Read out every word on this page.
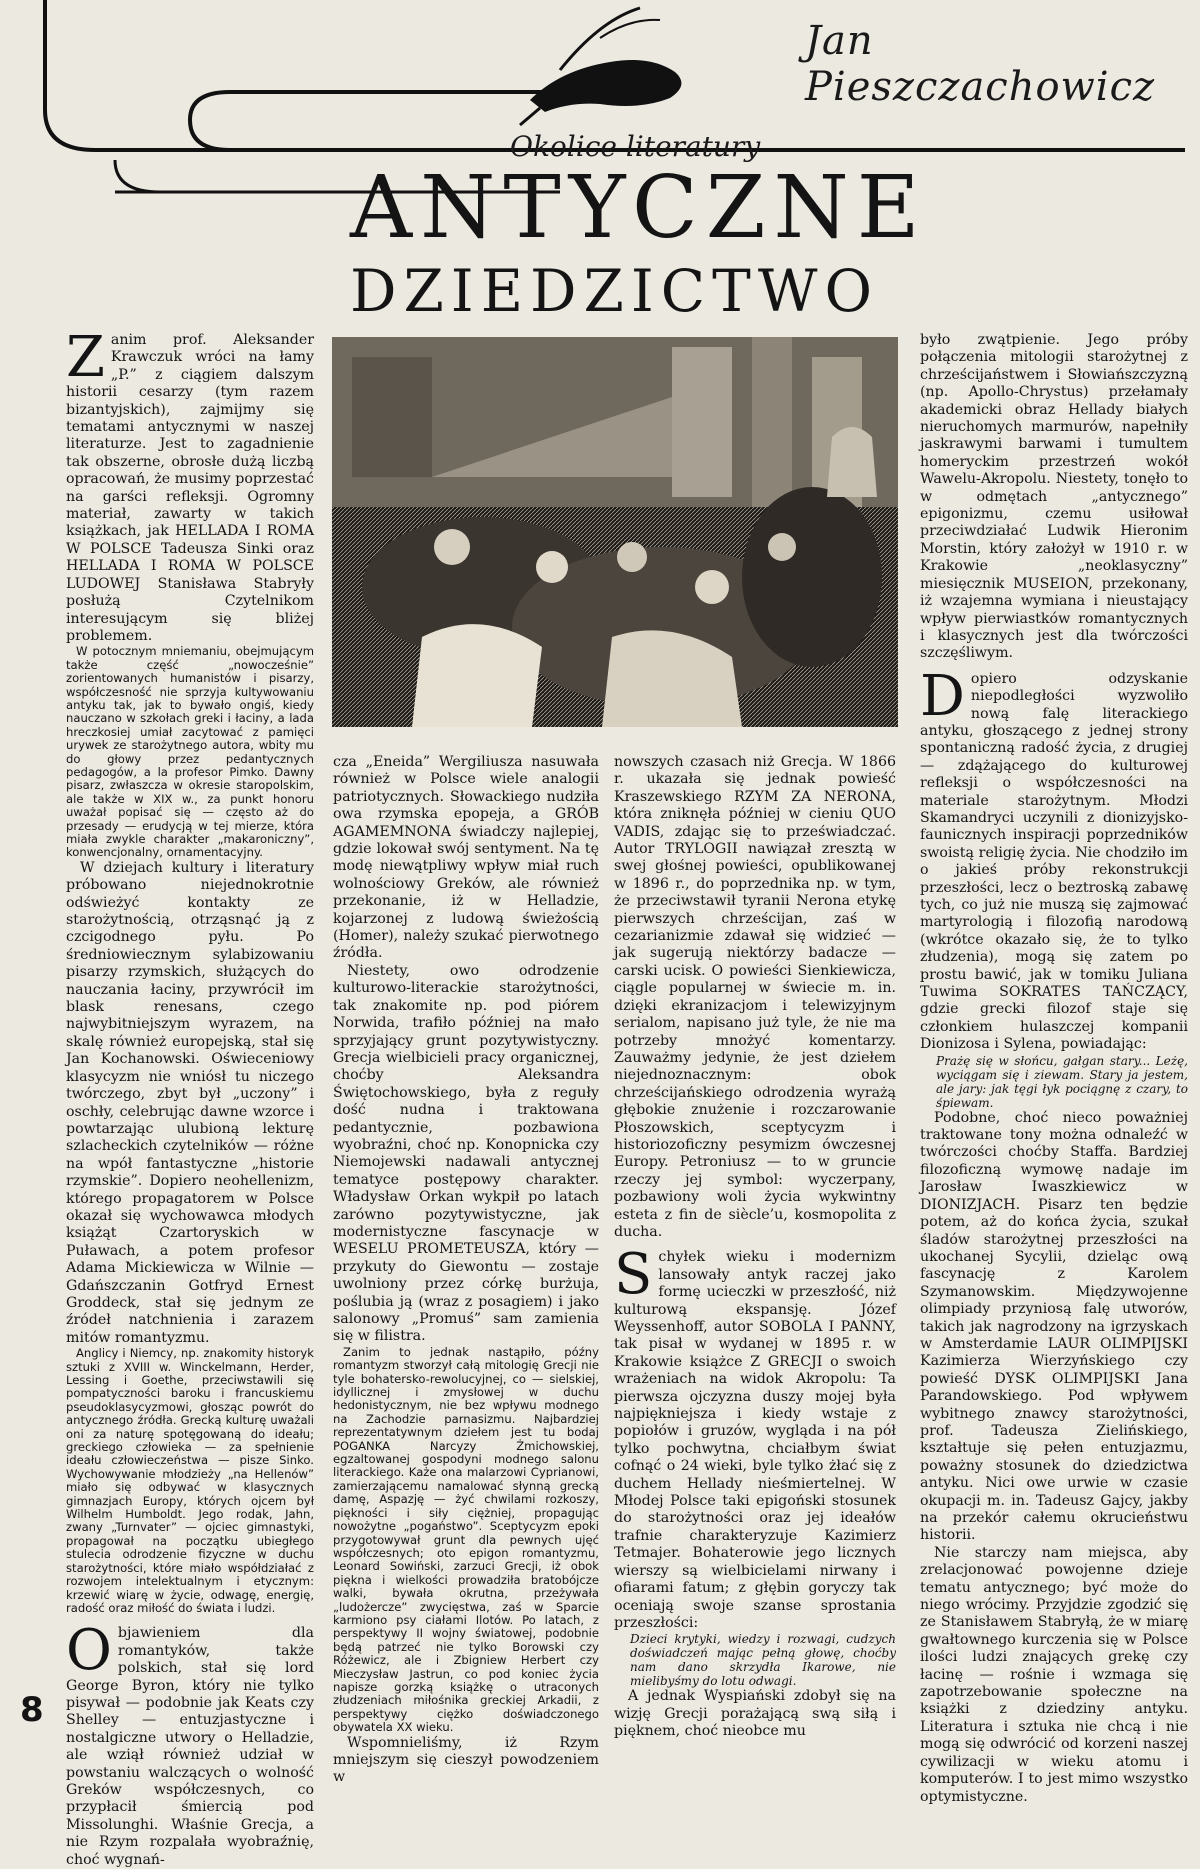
Jan Pieszczachowicz
Okolice literatury
ANTYCZNE
DZIEDZICTWO

Zanim prof. Aleksander Krawczuk wróci na łamy „P.” z ciągiem dalszym historii cesarzy (tym razem bizantyjskich), zajmijmy się tematami antycznymi w naszej literaturze. Jest to zagadnienie tak obszerne, obrosłe dużą liczbą opracowań, że musimy poprzestać na garści refleksji. Ogromny materiał, zawarty w takich książkach, jak HELLADA I ROMA W POLSCE Tadeusza Sinki oraz HELLADA I ROMA W POLSCE LUDOWEJ Stanisława Stabryły posłużą Czytelnikom interesującym się bliżej problemem.

W potocznym mniemaniu, obejmującym także część „nowocześnie” zorientowanych humanistów i pisarzy, współczesność nie sprzyja kultywowaniu antyku tak, jak to bywało ongiś, kiedy nauczano w szkołach greki i łaciny, a lada hreczkosiej umiał zacytować z pamięci urywek ze starożytnego autora, wbity mu do głowy przez pedantycznych pedagogów, a la profesor Pimko. Dawny pisarz, zwłaszcza w okresie staropolskim, ale także w XIX w., za punkt honoru uważał popisać się — często aż do przesady — erudycją w tej mierze, która miała zwykle charakter „makaroniczny”, konwencjonalny, ornamentacyjny.

W dziejach kultury i literatury próbowano niejednokrotnie odświeżyć kontakty ze starożytnością, otrząsnąć ją z czcigodnego pyłu. Po średniowiecznym sylabizowaniu pisarzy rzymskich, służących do nauczania łaciny, przywrócił im blask renesans, czego najwybitniejszym wyrazem, na skalę również europejską, stał się Jan Kochanowski. Oświeceniowy klasycyzm nie wniósł tu niczego twórczego, zbyt był „uczony” i oschły, celebrując dawne wzorce i powtarzając ulubioną lekturę szlacheckich czytelników — różne na wpół fantastyczne „historie rzymskie”. Dopiero neohellenizm, którego propagatorem w Polsce okazał się wychowawca młodych książąt Czartoryskich w Puławach, a potem profesor Adama Mickiewicza w Wilnie — Gdańszczanin Gotfryd Ernest Groddeck, stał się jednym ze źródeł natchnienia i zarazem mitów romantyzmu.

Anglicy i Niemcy, np. znakomity historyk sztuki z XVIII w. Winckelmann, Herder, Lessing i Goethe, przeciwstawili się pompatyczności baroku i francuskiemu pseudoklasycyzmowi, głosząc powrót do antycznego źródła. Grecką kulturę uważali oni za naturę spotęgowaną do ideału; greckiego człowieka — za spełnienie ideału człowieczeństwa — pisze Sinko. Wychowywanie młodzieży „na Hellenów” miało się odbywać w klasycznych gimnazjach Europy, których ojcem był Wilhelm Humboldt. Jego rodak, Jahn, zwany „Turnvater” — ojciec gimnastyki, propagował na początku ubiegłego stulecia odrodzenie fizyczne w duchu starożytności, które miało współdziałać z rozwojem intelektualnym i etycznym: krzewić wiarę w życie, odwagę, energię, radość oraz miłość do świata i ludzi.

Objawieniem dla romantyków, także polskich, stał się lord George Byron, który nie tylko pisywał — podobnie jak Keats czy Shelley — entuzjastyczne i nostalgiczne utwory o Helladzie, ale wziął również udział w powstaniu walczących o wolność Greków współczesnych, co przypłacił śmiercią pod Missolunghi. Właśnie Grecja, a nie Rzym rozpalała wyobraźnię, choć wygnań-

cza „Eneida” Wergiliusza nasuwała również w Polsce wiele analogii patriotycznych. Słowackiego nudziła owa rzymska epopeja, a GRÓB AGAMEMNONA świadczy najlepiej, gdzie lokował swój sentyment. Na tę modę niewątpliwy wpływ miał ruch wolnościowy Greków, ale również przekonanie, iż w Helladzie, kojarzonej z ludową świeżością (Homer), należy szukać pierwotnego źródła.

Niestety, owo odrodzenie kulturowo-literackie starożytności, tak znakomite np. pod piórem Norwida, trafiło później na mało sprzyjający grunt pozytywistyczny. Grecja wielbicieli pracy organicznej, choćby Aleksandra Świętochowskiego, była z reguły dość nudna i traktowana pedantycznie, pozbawiona wyobraźni, choć np. Konopnicka czy Niemojewski nadawali antycznej tematyce postępowy charakter. Władysław Orkan wykpił po latach zarówno pozytywistyczne, jak modernistyczne fascynacje w WESELU PROMETEUSZA, który — przykuty do Giewontu — zostaje uwolniony przez córkę burżuja, poślubia ją (wraz z posagiem) i jako salonowy „Promuś” sam zamienia się w filistra.

Zanim to jednak nastąpiło, późny romantyzm stworzył całą mitologię Grecji nie tyle bohatersko-rewolucyjnej, co — sielskiej, idyllicznej i zmysłowej w duchu hedonistycznym, nie bez wpływu modnego na Zachodzie parnasizmu. Najbardziej reprezentatywnym dziełem jest tu bodaj POGANKA Narcyzy Żmichowskiej, egzaltowanej gospodyni modnego salonu literackiego. Każe ona malarzowi Cyprianowi, zamierzającemu namalować słynną grecką damę, Aspazję — żyć chwilami rozkoszy, piękności i siły ciężniej, propagując nowożytne „pogaństwo”. Sceptycyzm epoki przygotowywał grunt dla pewnych ujęć współczesnych; oto epigon romantyzmu, Leonard Sowiński, zarzuci Grecji, iż obok piękna i wielkości prowadziła bratobójcze walki, bywała okrutna, przeżywała „ludożercze” zwycięstwa, zaś w Sparcie karmiono psy ciałami Ilotów. Po latach, z perspektywy II wojny światowej, podobnie będą patrzeć nie tylko Borowski czy Różewicz, ale i Zbigniew Herbert czy Mieczysław Jastrun, co pod koniec życia napisze gorzką książkę o utraconych złudzeniach miłośnika greckiej Arkadii, z perspektywy ciężko doświadczonego obywatela XX wieku.

Wspomnieliśmy, iż Rzym mniejszym się cieszył powodzeniem w

nowszych czasach niż Grecja. W 1866 r. ukazała się jednak powieść Kraszewskiego RZYM ZA NERONA, która zniknęła później w cieniu QUO VADIS, zdając się to przeświadczać. Autor TRYLOGII nawiązał zresztą w swej głośnej powieści, opublikowanej w 1896 r., do poprzednika np. w tym, że przeciwstawił tyranii Nerona etykę pierwszych chrześcijan, zaś w cezarianizmie zdawał się widzieć — jak sugerują niektórzy badacze — carski ucisk. O powieści Sienkiewicza, ciągle popularnej w świecie m. in. dzięki ekranizacjom i telewizyjnym serialom, napisano już tyle, że nie ma potrzeby mnożyć komentarzy. Zauważmy jedynie, że jest dziełem niejednoznacznym: obok chrześcijańskiego odrodzenia wyrażą głębokie znużenie i rozczarowanie Płoszowskich, sceptycyzm i historiozoficzny pesymizm ówczesnej Europy. Petroniusz — to w gruncie rzeczy jej symbol: wyczerpany, pozbawiony woli życia wykwintny esteta z fin de siècle’u, kosmopolita z ducha.

Schyłek wieku i modernizm lansowały antyk raczej jako formę ucieczki w przeszłość, niż kulturową ekspansję. Józef Weyssenhoff, autor SOBOLA I PANNY, tak pisał w wydanej w 1895 r. w Krakowie książce Z GRECJI o swoich wrażeniach na widok Akropolu: Ta pierwsza ojczyzna duszy mojej była najpiękniejsza i kiedy wstaje z popiołów i gruzów, wygląda i na pół tylko pochwytna, chciałbym świat cofnąć o 24 wieki, byle tylko żłać się z duchem Hellady nieśmiertelnej. W Młodej Polsce taki epigoński stosunek do starożytności oraz jej ideałów trafnie charakteryzuje Kazimierz Tetmajer. Bohaterowie jego licznych wierszy są wielbicielami nirwany i ofiarami fatum; z głębin goryczy tak oceniają swoje szanse sprostania przeszłości:

Dzieci krytyki, wiedzy i rozwagi, cudzych doświadczeń mając pełną głowę, choćby nam dano skrzydła Ikarowe, nie mielibyśmy do lotu odwagi.

A jednak Wyspiański zdobył się na wizję Grecji porażającą swą siłą i pięknem, choć nieobce mu

było zwątpienie. Jego próby połączenia mitologii starożytnej z chrześcijaństwem i Słowiańszczyzną (np. Apollo-Chrystus) przełamały akademicki obraz Hellady białych nieruchomych marmurów, napełniły jaskrawymi barwami i tumultem homeryckim przestrzeń wokół Wawelu-Akropolu. Niestety, tonęło to w odmętach „antycznego” epigonizmu, czemu usiłował przeciwdziałać Ludwik Hieronim Morstin, który założył w 1910 r. w Krakowie „neoklasyczny” miesięcznik MUSEION, przekonany, iż wzajemna wymiana i nieustający wpływ pierwiastków romantycznych i klasycznych jest dla twórczości szczęśliwym.

Dopiero odzyskanie niepodległości wyzwoliło nową falę literackiego antyku, głoszącego z jednej strony spontaniczną radość życia, z drugiej — zdążającego do kulturowej refleksji o współczesności na materiale starożytnym. Młodzi Skamandryci uczynili z dionizyjsko-faunicznych inspiracji poprzedników swoistą religię życia. Nie chodziło im o jakieś próby rekonstrukcji przeszłości, lecz o beztroską zabawę tych, co już nie muszą się zajmować martyrologią i filozofią narodową (wkrótce okazało się, że to tylko złudzenia), mogą się zatem po prostu bawić, jak w tomiku Juliana Tuwima SOKRATES TAŃCZĄCY, gdzie grecki filozof staje się członkiem hulaszczej kompanii Dionizosa i Sylena, powiadając:

Prażę się w słońcu, gałgan stary... Leżę, wyciągam się i ziewam. Stary ja jestem, ale jary: jak tęgi łyk pociągnę z czary, to śpiewam.

Podobne, choć nieco poważniej traktowane tony można odnaleźć w twórczości choćby Staffa. Bardziej filozoficzną wymowę nadaje im Jarosław Iwaszkiewicz w DIONIZJACH. Pisarz ten będzie potem, aż do końca życia, szukał śladów starożytnej przeszłości na ukochanej Sycylii, dzieląc ową fascynację z Karolem Szymanowskim. Międzywojenne olimpiady przyniosą falę utworów, takich jak nagrodzony na igrzyskach w Amsterdamie LAUR OLIMPIJSKI Kazimierza Wierzyńskiego czy powieść DYSK OLIMPIJSKI Jana Parandowskiego. Pod wpływem wybitnego znawcy starożytności, prof. Tadeusza Zielińskiego, kształtuje się pełen entuzjazmu, poważny stosunek do dziedzictwa antyku. Nici owe urwie w czasie okupacji m. in. Tadeusz Gajcy, jakby na przekór całemu okrucieństwu historii.

Nie starczy nam miejsca, aby zrelacjonować powojenne dzieje tematu antycznego; być może do niego wrócimy. Przyjdzie zgodzić się ze Stanisławem Stabryłą, że w miarę gwałtownego kurczenia się w Polsce ilości ludzi znających grekę czy łacinę — rośnie i wzmaga się zapotrzebowanie społeczne na książki z dziedziny antyku. Literatura i sztuka nie chcą i nie mogą się odwrócić od korzeni naszej cywilizacji w wieku atomu i komputerów. I to jest mimo wszystko optymistyczne.

8
